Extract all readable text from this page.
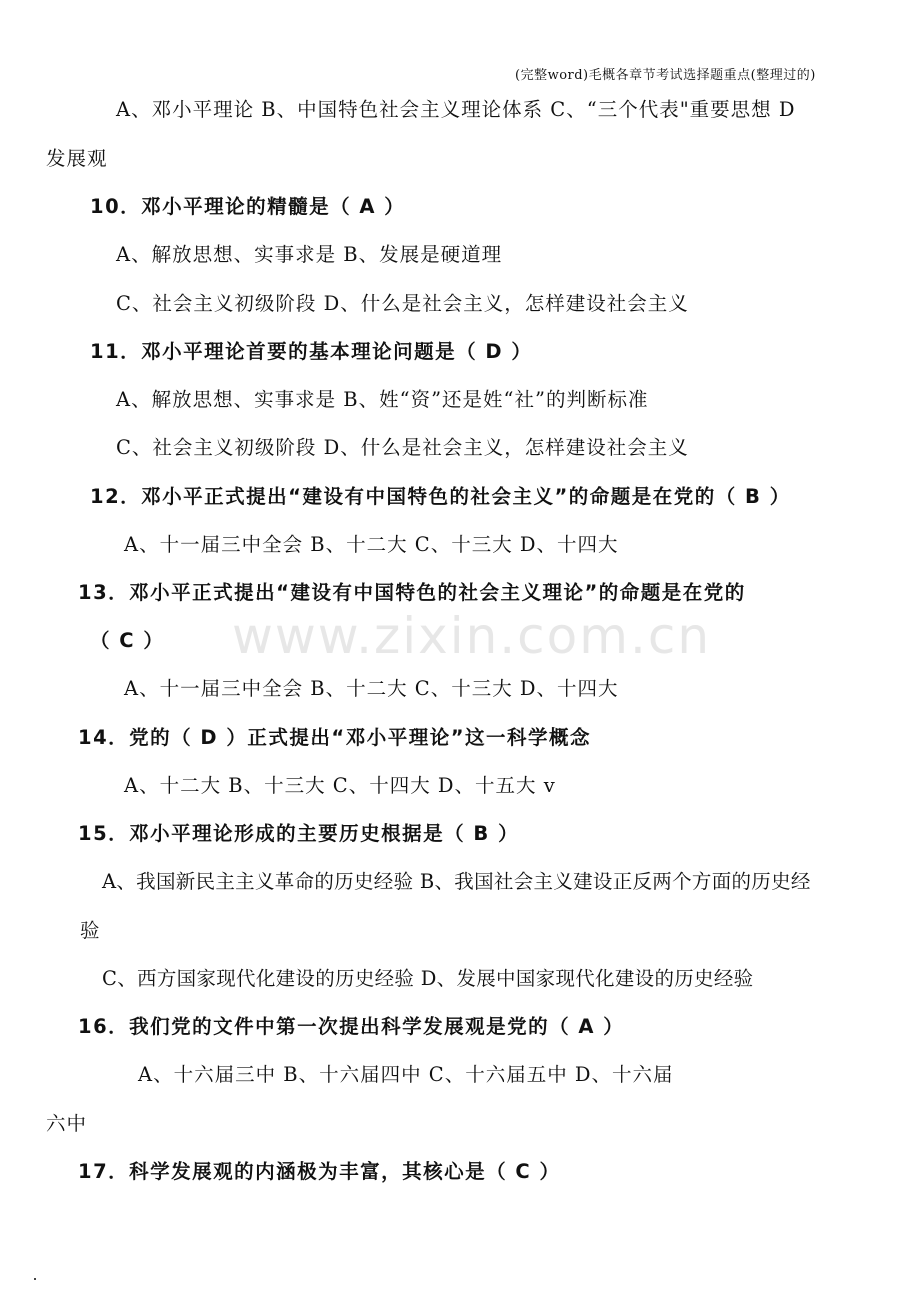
(完整word)毛概各章节考试选择题重点(整理过的)
www.zixin.com.cn
A、邓小平理论 B、中国特色社会主义理论体系 C、“三个代表"重要思想 D
发展观
10．邓小平理论的精髓是（ A ）
A、解放思想、实事求是 B、发展是硬道理
C、社会主义初级阶段 D、什么是社会主义，怎样建设社会主义
11．邓小平理论首要的基本理论问题是（ D ）
A、解放思想、实事求是 B、姓“资”还是姓“社”的判断标准
C、社会主义初级阶段 D、什么是社会主义，怎样建设社会主义
12．邓小平正式提出“建设有中国特色的社会主义”的命题是在党的（ B ）
A、十一届三中全会 B、十二大 C、十三大 D、十四大
13．邓小平正式提出“建设有中国特色的社会主义理论”的命题是在党的
（ C ）
A、十一届三中全会 B、十二大 C、十三大 D、十四大
14．党的（ D ）正式提出“邓小平理论”这一科学概念
A、十二大 B、十三大 C、十四大 D、十五大 v
15．邓小平理论形成的主要历史根据是（ B ）
A、我国新民主主义革命的历史经验 B、我国社会主义建设正反两个方面的历史经
验
C、西方国家现代化建设的历史经验 D、发展中国家现代化建设的历史经验
16．我们党的文件中第一次提出科学发展观是党的（ A ）
A、十六届三中 B、十六届四中 C、十六届五中 D、十六届
六中
17．科学发展观的内涵极为丰富，其核心是（ C ）
